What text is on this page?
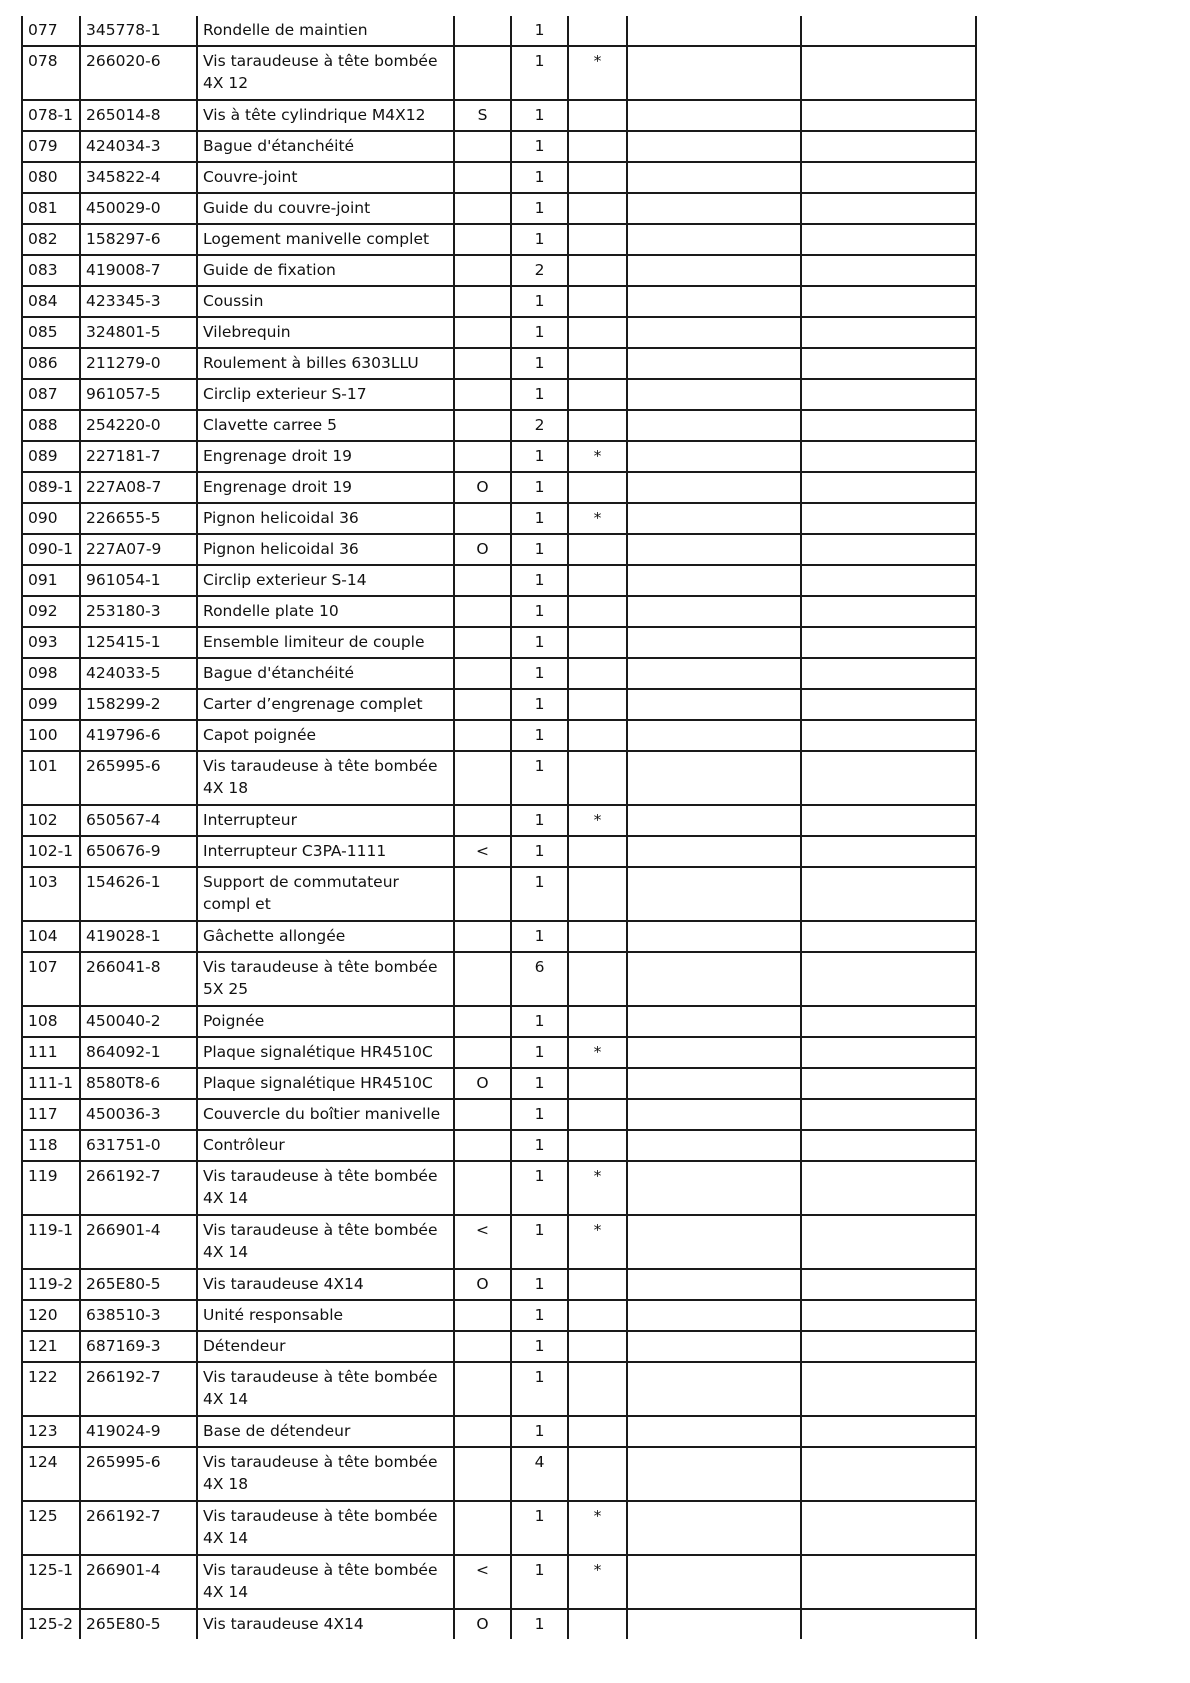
077	345778-1	Rondelle de maintien		1			
078	266020-6	Vis taraudeuse à tête bombée 4X 12		1	*		
078-1	265014-8	Vis à tête cylindrique M4X12	S	1			
079	424034-3	Bague d'étanchéité		1			
080	345822-4	Couvre-joint		1			
081	450029-0	Guide du couvre-joint		1			
082	158297-6	Logement manivelle complet		1			
083	419008-7	Guide de fixation		2			
084	423345-3	Coussin		1			
085	324801-5	Vilebrequin		1			
086	211279-0	Roulement à billes 6303LLU		1			
087	961057-5	Circlip exterieur S-17		1			
088	254220-0	Clavette carree 5		2			
089	227181-7	Engrenage droit 19		1	*		
089-1	227A08-7	Engrenage droit 19	O	1			
090	226655-5	Pignon helicoidal 36		1	*		
090-1	227A07-9	Pignon helicoidal 36	O	1			
091	961054-1	Circlip exterieur S-14		1			
092	253180-3	Rondelle plate 10		1			
093	125415-1	Ensemble limiteur de couple		1			
098	424033-5	Bague d'étanchéité		1			
099	158299-2	Carter d’engrenage complet		1			
100	419796-6	Capot poignée		1			
101	265995-6	Vis taraudeuse à tête bombée 4X 18		1			
102	650567-4	Interrupteur		1	*		
102-1	650676-9	Interrupteur C3PA-1111	<	1			
103	154626-1	Support de commutateur compl et		1			
104	419028-1	Gâchette allongée		1			
107	266041-8	Vis taraudeuse à tête bombée 5X 25		6			
108	450040-2	Poignée		1			
111	864092-1	Plaque signalétique HR4510C		1	*		
111-1	8580T8-6	Plaque signalétique HR4510C	O	1			
117	450036-3	Couvercle du boîtier manivelle		1			
118	631751-0	Contrôleur		1			
119	266192-7	Vis taraudeuse à tête bombée 4X 14		1	*		
119-1	266901-4	Vis taraudeuse à tête bombée 4X 14	<	1	*		
119-2	265E80-5	Vis taraudeuse 4X14	O	1			
120	638510-3	Unité responsable		1			
121	687169-3	Détendeur		1			
122	266192-7	Vis taraudeuse à tête bombée 4X 14		1			
123	419024-9	Base de détendeur		1			
124	265995-6	Vis taraudeuse à tête bombée 4X 18		4			
125	266192-7	Vis taraudeuse à tête bombée 4X 14		1	*		
125-1	266901-4	Vis taraudeuse à tête bombée 4X 14	<	1	*		
125-2	265E80-5	Vis taraudeuse 4X14	O	1			
